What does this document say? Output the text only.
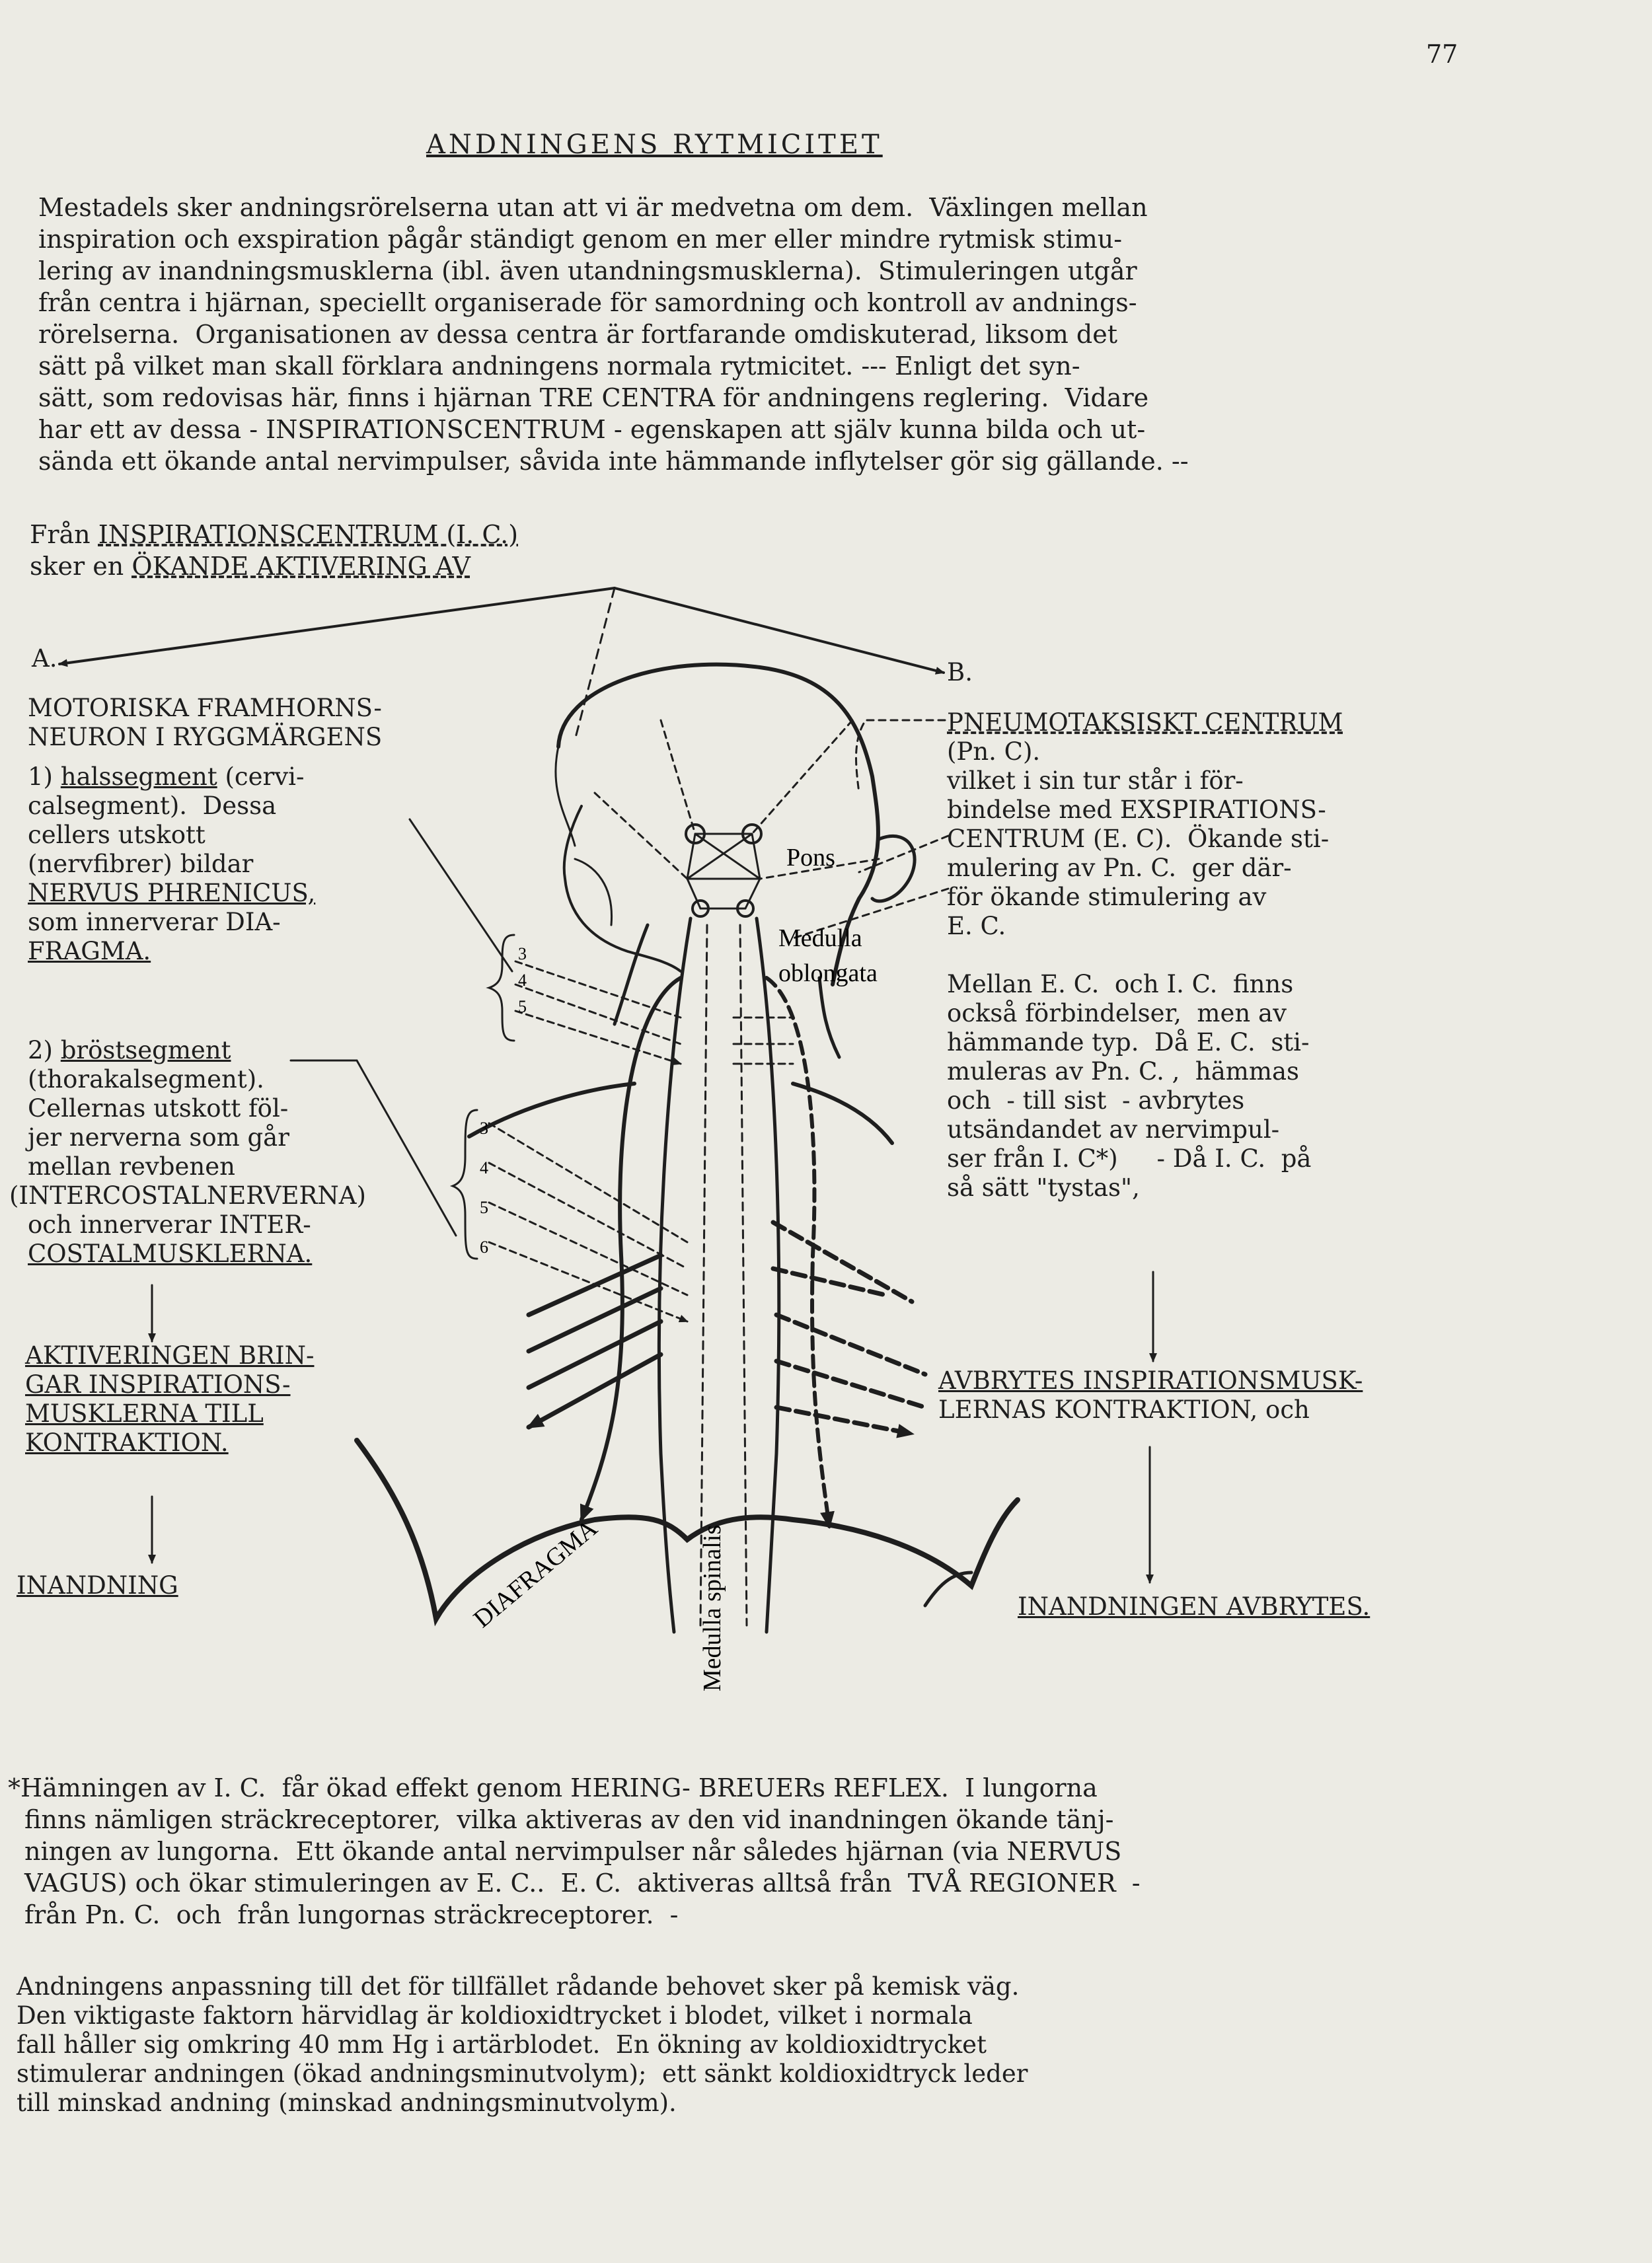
77
ANDNINGENS RYTMICITET
Mestadels sker andningsrörelserna utan att vi är medvetna om dem.  Växlingen mellan
inspiration och exspiration pågår ständigt genom en mer eller mindre rytmisk stimu-
lering av inandningsmusklerna (ibl. även utandningsmusklerna).  Stimuleringen utgår
från centra i hjärnan, speciellt organiserade för samordning och kontroll av andnings-
rörelserna.  Organisationen av dessa centra är fortfarande omdiskuterad, liksom det
sätt på vilket man skall förklara andningens normala rytmicitet. --- Enligt det syn-
sätt, som redovisas här, finns i hjärnan TRE CENTRA för andningens reglering.  Vidare
har ett av dessa - INSPIRATIONSCENTRUM - egenskapen att själv kunna bilda och ut-
sända ett ökande antal nervimpulser, såvida inte hämmande inflytelser gör sig gällande. --
Från INSPIRATIONSCENTRUM (I. C.)
sker en ÖKANDE AKTIVERING AV
Pons
Medulla
oblongata
Medulla spinalis
DIAFRAGMA
3
4
5
3
4
5
6
A.
MOTORISKA FRAMHORNS-
NEURON I RYGGMÄRGENS
1) halssegment (cervi-
calsegment).  Dessa
cellers utskott
(nervfibrer) bildar
NERVUS PHRENICUS,
som innerverar DIA-
FRAGMA.
2) bröstsegment
(thorakalsegment).
Cellernas utskott föl-
jer nerverna som går
mellan revbenen
(INTERCOSTALNERVERNA)
och innerverar INTER-
COSTALMUSKLERNA.
AKTIVERINGEN BRIN-
GAR INSPIRATIONS-
MUSKLERNA TILL
KONTRAKTION.
INANDNING
B.
PNEUMOTAKSISKT CENTRUM
(Pn. C).
vilket i sin tur står i för-
bindelse med EXSPIRATIONS-
CENTRUM (E. C).  Ökande sti-
mulering av Pn. C.  ger där-
för ökande stimulering av
E. C.
Mellan E. C.  och I. C.  finns
också förbindelser,  men av
hämmande typ.  Då E. C.  sti-
muleras av Pn. C. ,  hämmas
och  - till sist  - avbrytes
utsändandet av nervimpul-
ser från I. C*)     - Då I. C.  på
så sätt "tystas",
AVBRYTES INSPIRATIONSMUSK-
LERNAS KONTRAKTION, och
INANDNINGEN AVBRYTES.
*Hämningen av I. C.  får ökad effekt genom HERING- BREUERs REFLEX.  I lungorna
finns nämligen sträckreceptorer,  vilka aktiveras av den vid inandningen ökande tänj-
ningen av lungorna.  Ett ökande antal nervimpulser når således hjärnan (via NERVUS
VAGUS) och ökar stimuleringen av E. C..  E. C.  aktiveras alltså från  TVÅ REGIONER  -
från Pn. C.  och  från lungornas sträckreceptorer.  -
Andningens anpassning till det för tillfället rådande behovet sker på kemisk väg.
Den viktigaste faktorn härvidlag är koldioxidtrycket i blodet, vilket i normala
fall håller sig omkring 40 mm Hg i artärblodet.  En ökning av koldioxidtrycket
stimulerar andningen (ökad andningsminutvolym);  ett sänkt koldioxidtryck leder
till minskad andning (minskad andningsminutvolym).
